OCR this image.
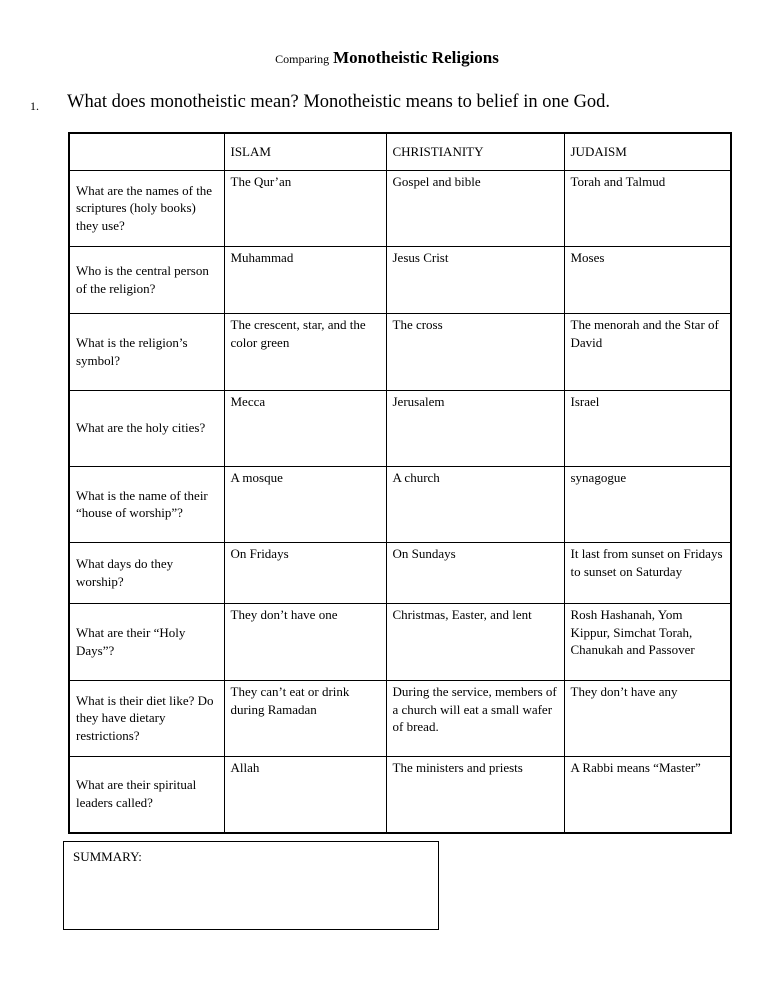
Comparing Monotheistic Religions
1. What does monotheistic mean? Monotheistic means to belief in one God.
	ISLAM	CHRISTIANITY	JUDAISM
What are the names of the scriptures (holy books) they use?	The Qur’an	Gospel and bible	Torah and Talmud
Who is the central person of the religion?	Muhammad	Jesus Crist	Moses
What is the religion’s symbol?	The crescent, star, and the color green	The cross	The menorah and the Star of David
What are the holy cities?	Mecca	Jerusalem	Israel
What is the name of their “house of worship”?	A mosque	A church	synagogue
What days do they worship?	On Fridays	On Sundays	It last from sunset on Fridays to sunset on Saturday
What are their “Holy Days”?	They don’t have one	Christmas, Easter, and lent	Rosh Hashanah, Yom Kippur, Simchat Torah, Chanukah and Passover
What is their diet like? Do they have dietary restrictions?	They can’t eat or drink during Ramadan	During the service, members of a church will eat a small wafer of bread.	They don’t have any
What are their spiritual leaders called?	Allah	The ministers and priests	A Rabbi means “Master”
SUMMARY:
